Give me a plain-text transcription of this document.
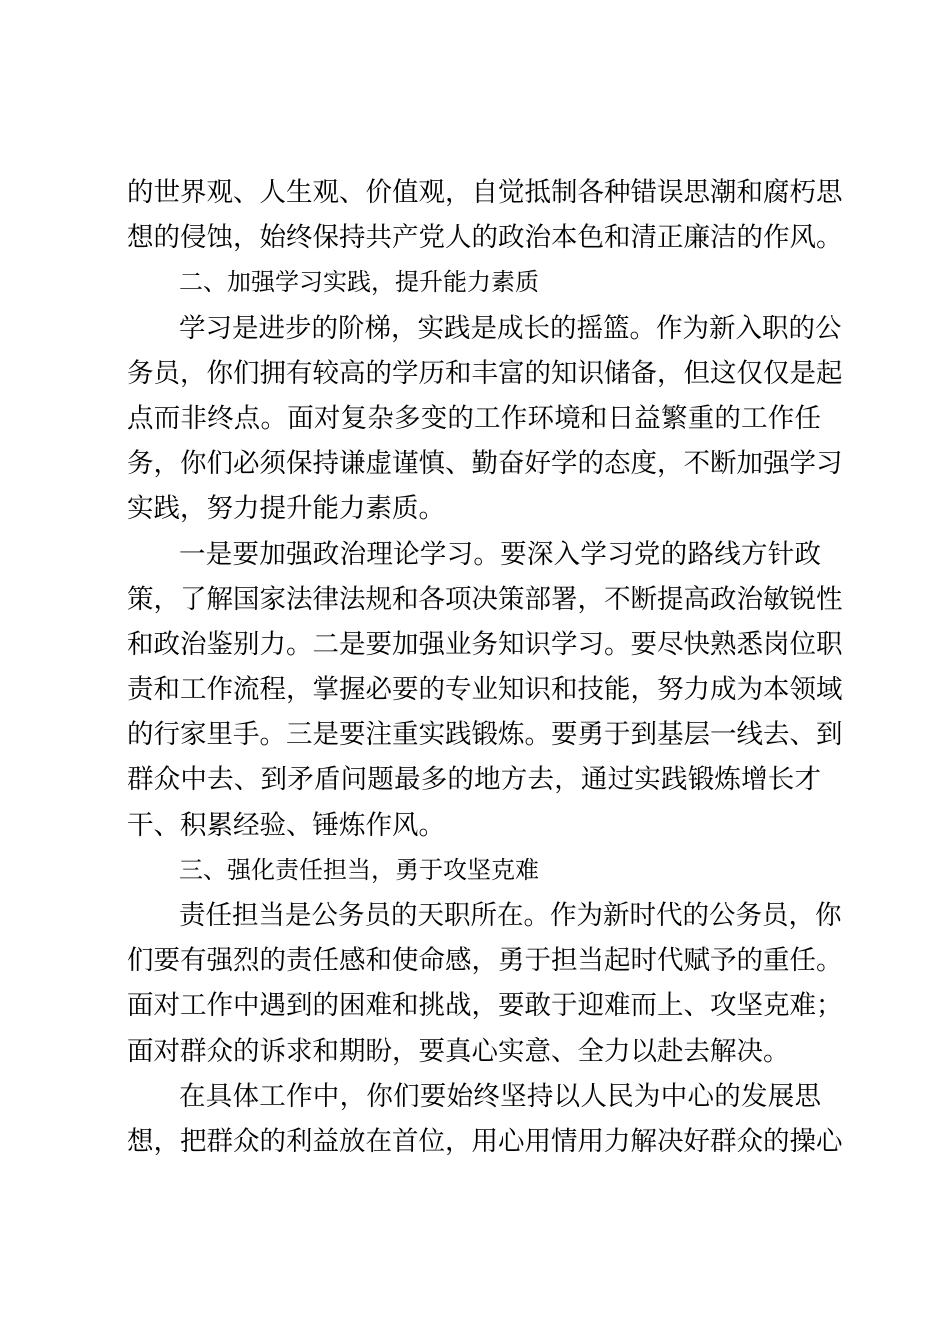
的世界观、人生观、价值观，自觉抵制各种错误思潮和腐朽思
想的侵蚀，始终保持共产党人的政治本色和清正廉洁的作风。
二、加强学习实践，提升能力素质
学习是进步的阶梯，实践是成长的摇篮。作为新入职的公
务员，你们拥有较高的学历和丰富的知识储备，但这仅仅是起
点而非终点。面对复杂多变的工作环境和日益繁重的工作任
务，你们必须保持谦虚谨慎、勤奋好学的态度，不断加强学习
实践，努力提升能力素质。
一是要加强政治理论学习。要深入学习党的路线方针政
策，了解国家法律法规和各项决策部署，不断提高政治敏锐性
和政治鉴别力。二是要加强业务知识学习。要尽快熟悉岗位职
责和工作流程，掌握必要的专业知识和技能，努力成为本领域
的行家里手。三是要注重实践锻炼。要勇于到基层一线去、到
群众中去、到矛盾问题最多的地方去，通过实践锻炼增长才
干、积累经验、锤炼作风。
三、强化责任担当，勇于攻坚克难
责任担当是公务员的天职所在。作为新时代的公务员，你
们要有强烈的责任感和使命感，勇于担当起时代赋予的重任。
面对工作中遇到的困难和挑战，要敢于迎难而上、攻坚克难；
面对群众的诉求和期盼，要真心实意、全力以赴去解决。
在具体工作中，你们要始终坚持以人民为中心的发展思
想，把群众的利益放在首位，用心用情用力解决好群众的操心
